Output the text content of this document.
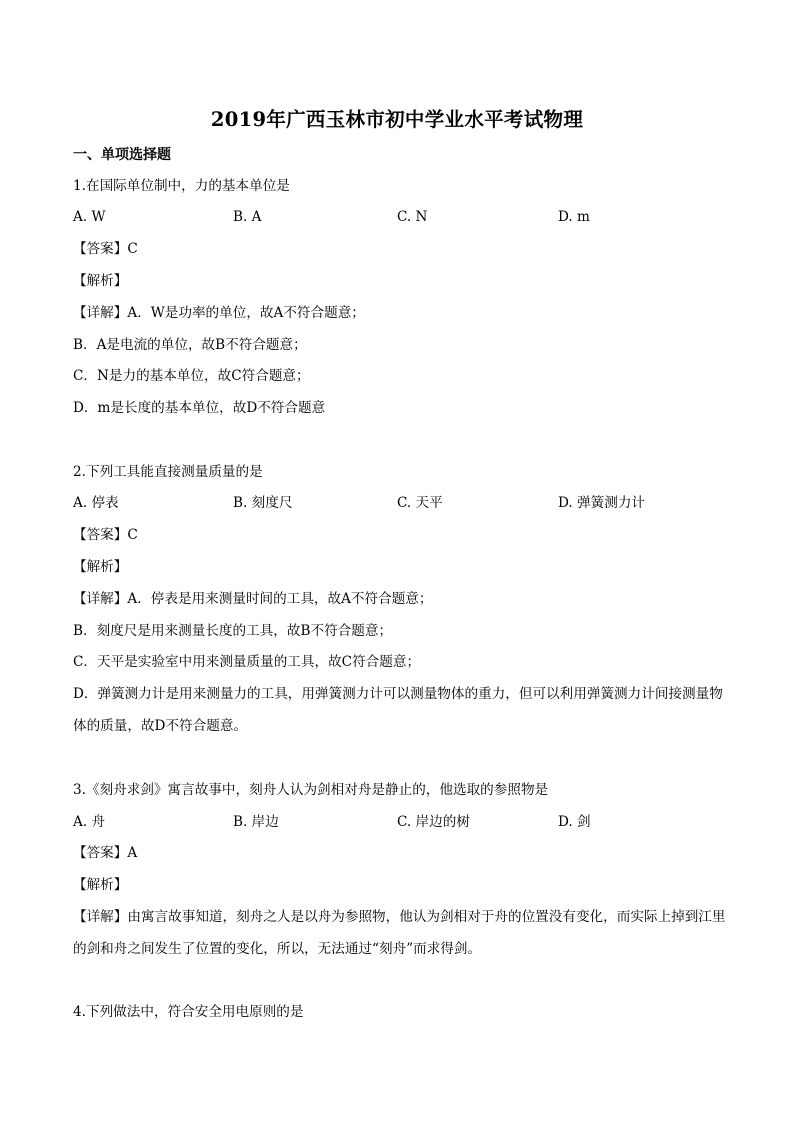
2019年广西玉林市初中学业水平考试物理
一、单项选择题
1.在国际单位制中，力的基本单位是
A. W	B. A	C. N	D. m
【答案】C
【解析】
【详解】A．W是功率的单位，故A不符合题意；
B．A是电流的单位，故B不符合题意；
C．N是力的基本单位，故C符合题意；
D．m是长度的基本单位，故D不符合题意
2.下列工具能直接测量质量的是
A. 停表	B. 刻度尺	C. 天平	D. 弹簧测力计
【答案】C
【解析】
【详解】A．停表是用来测量时间的工具，故A不符合题意；
B．刻度尺是用来测量长度的工具，故B不符合题意；
C．天平是实验室中用来测量质量的工具，故C符合题意；
D．弹簧测力计是用来测量力的工具，用弹簧测力计可以测量物体的重力，但可以利用弹簧测力计间接测量物体的质量，故D不符合题意。
3.《刻舟求剑》寓言故事中，刻舟人认为剑相对舟是静止的，他选取的参照物是
A. 舟	B. 岸边	C. 岸边的树	D. 剑
【答案】A
【解析】
【详解】由寓言故事知道，刻舟之人是以舟为参照物，他认为剑相对于舟的位置没有变化，而实际上掉到江里的剑和舟之间发生了位置的变化，所以，无法通过“刻舟”而求得剑。
4.下列做法中，符合安全用电原则的是
